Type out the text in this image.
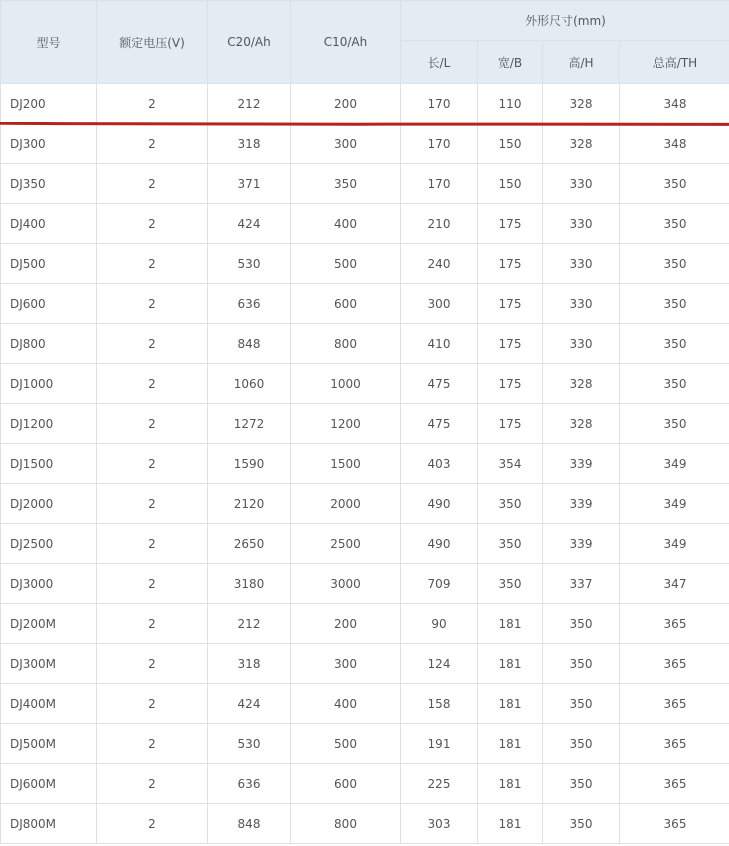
型号	额定电压(V)	C20/Ah	C10/Ah	外形尺寸(mm)			
				长/L	宽/B	高/H	总高/TH
DJ200	2	212	200	170	110	328	348
DJ300	2	318	300	170	150	328	348
DJ350	2	371	350	170	150	330	350
DJ400	2	424	400	210	175	330	350
DJ500	2	530	500	240	175	330	350
DJ600	2	636	600	300	175	330	350
DJ800	2	848	800	410	175	330	350
DJ1000	2	1060	1000	475	175	328	350
DJ1200	2	1272	1200	475	175	328	350
DJ1500	2	1590	1500	403	354	339	349
DJ2000	2	2120	2000	490	350	339	349
DJ2500	2	2650	2500	490	350	339	349
DJ3000	2	3180	3000	709	350	337	347
DJ200M	2	212	200	90	181	350	365
DJ300M	2	318	300	124	181	350	365
DJ400M	2	424	400	158	181	350	365
DJ500M	2	530	500	191	181	350	365
DJ600M	2	636	600	225	181	350	365
DJ800M	2	848	800	303	181	350	365
